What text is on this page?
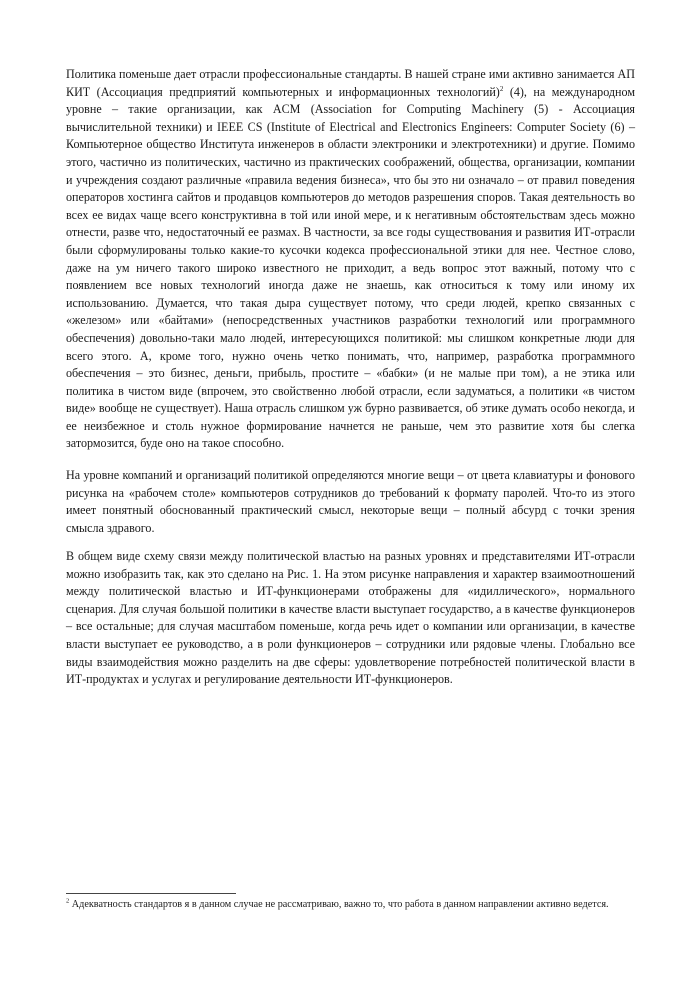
Политика поменьше дает отрасли профессиональные стандарты. В нашей стране ими активно занимается АП КИТ (Ассоциация предприятий компьютерных и информационных технологий)$^2$ (4), на международном уровне – такие организации, как ACM (Association for Computing Machinery (5) - Ассоциация вычислительной техники) и IEEE CS (Institute of Electrical and Electronics Engineers: Computer Society (6) – Компьютерное общество Института инженеров в области электроники и электротехники) и другие. Помимо этого, частично из политических, частично из практических соображений, общества, организации, компании и учреждения создают различные «правила ведения бизнеса», что бы это ни означало – от правил поведения операторов хостинга сайтов и продавцов компьютеров до методов разрешения споров. Такая деятельность во всех ее видах чаще всего конструктивна в той или иной мере, и к негативным обстоятельствам здесь можно отнести, разве что, недостаточный ее размах. В частности, за все годы существования и развития ИТ-отрасли были сформулированы только какие-то кусочки кодекса профессиональной этики для нее. Честное слово, даже на ум ничего такого широко известного не приходит, а ведь вопрос этот важный, потому что с появлением все новых технологий иногда даже не знаешь, как относиться к тому или иному их использованию. Думается, что такая дыра существует потому, что среди людей, крепко связанных с «железом» или «байтами» (непосредственных участников разработки технологий или программного обеспечения) довольно-таки мало людей, интересующихся политикой: мы слишком конкретные люди для всего этого. А, кроме того, нужно очень четко понимать, что, например, разработка программного обеспечения – это бизнес, деньги, прибыль, простите – «бабки» (и не малые при том), а не этика или политика в чистом виде (впрочем, это свойственно любой отрасли, если задуматься, а политики «в чистом виде» вообще не существует). Наша отрасль слишком уж бурно развивается, об этике думать особо некогда, и ее неизбежное и столь нужное формирование начнется не раньше, чем это развитие хотя бы слегка затормозится, буде оно на такое способно.

На уровне компаний и организаций политикой определяются многие вещи – от цвета клавиатуры и фонового рисунка на «рабочем столе» компьютеров сотрудников до требований к формату паролей. Что-то из этого имеет понятный обоснованный практический смысл, некоторые вещи – полный абсурд с точки зрения смысла здравого.

В общем виде схему связи между политической властью на разных уровнях и представителями ИТ-отрасли можно изобразить так, как это сделано на Рис. 1. На этом рисунке направления и характер взаимоотношений между политической властью и ИТ-функционерами отображены для «идиллического», нормального сценария. Для случая большой политики в качестве власти выступает государство, а в качестве функционеров – все остальные; для случая масштабом поменьше, когда речь идет о компании или организации, в качестве власти выступает ее руководство, а в роли функционеров – сотрудники или рядовые члены. Глобально все виды взаимодействия можно разделить на две сферы: удовлетворение потребностей политической власти в ИТ-продуктах и услугах и регулирование деятельности ИТ-функционеров.

$^2$ Адекватность стандартов я в данном случае не рассматриваю, важно то, что работа в данном направлении активно ведется.
